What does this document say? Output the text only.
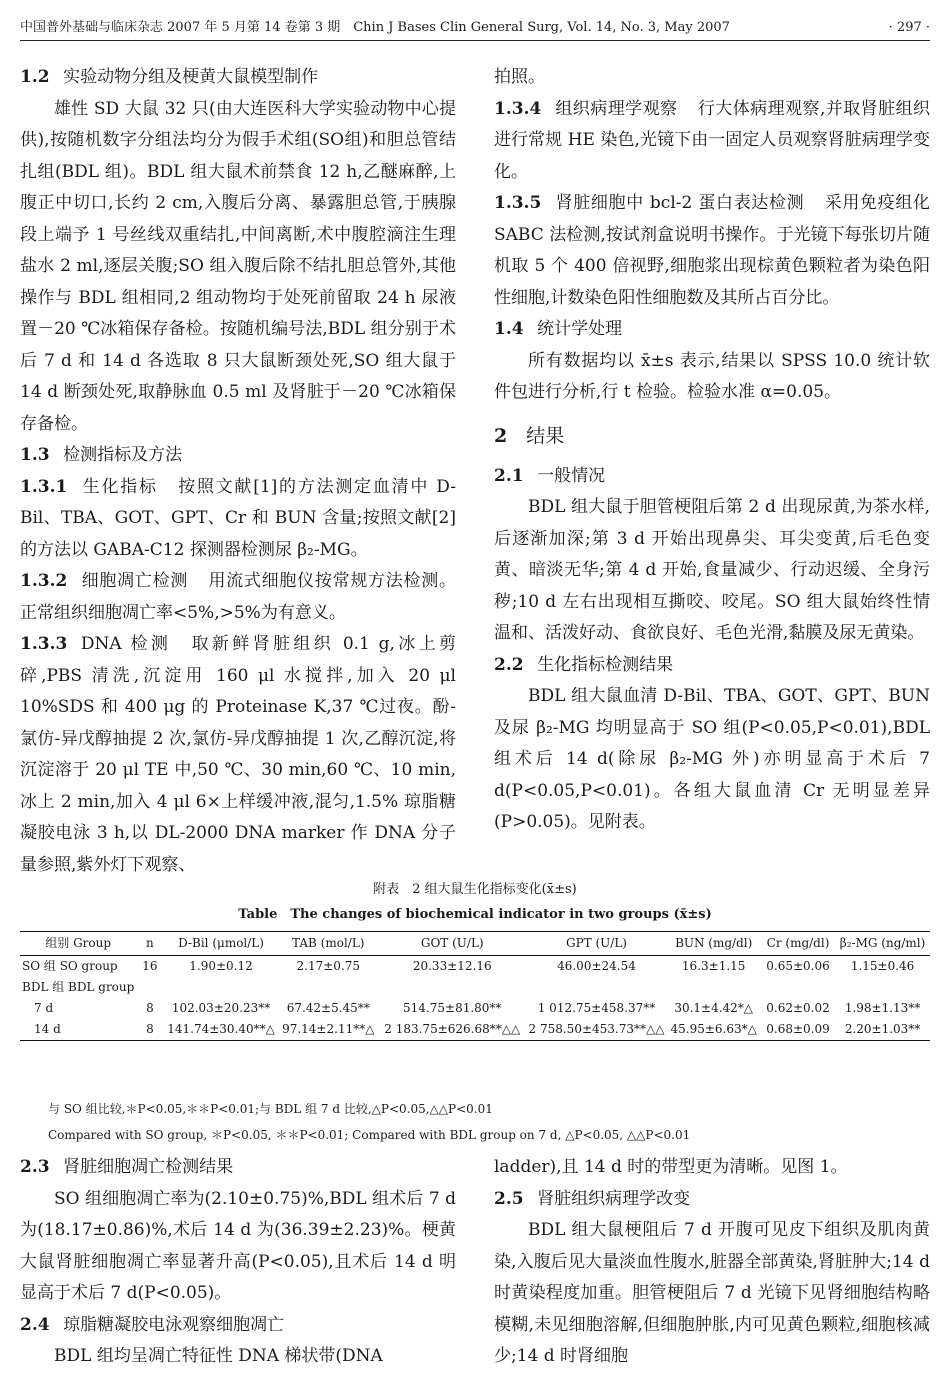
中国普外基础与临床杂志 2007 年 5 月第 14 卷第 3 期　Chin J Bases Clin General Surg, Vol. 14, No. 3, May 2007	· 297 ·

1.2 实验动物分组及梗黄大鼠模型制作

雄性 SD 大鼠 32 只(由大连医科大学实验动物中心提供),按随机数字分组法均分为假手术组(SO组)和胆总管结扎组(BDL 组)。BDL 组大鼠术前禁食 12 h,乙醚麻醉,上腹正中切口,长约 2 cm,入腹后分离、暴露胆总管,于胰腺段上端予 1 号丝线双重结扎,中间离断,术中腹腔滴注生理盐水 2 ml,逐层关腹;SO 组入腹后除不结扎胆总管外,其他操作与 BDL 组相同,2 组动物均于处死前留取 24 h 尿液置－20 ℃冰箱保存备检。按随机编号法,BDL 组分别于术后 7 d 和 14 d 各选取 8 只大鼠断颈处死,SO 组大鼠于 14 d 断颈处死,取静脉血 0.5 ml 及肾脏于－20 ℃冰箱保存备检。

1.3 检测指标及方法

1.3.1 生化指标 按照文献[1]的方法测定血清中 D-Bil、TBA、GOT、GPT、Cr 和 BUN 含量;按照文献[2]的方法以 GABA-C12 探测器检测尿 β₂-MG。

1.3.2 细胞凋亡检测 用流式细胞仪按常规方法检测。正常组织细胞凋亡率<5%,>5%为有意义。

1.3.3 DNA 检测 取新鲜肾脏组织 0.1 g,冰上剪碎,PBS 清洗,沉淀用 160 μl 水搅拌,加入 20 μl 10%SDS 和 400 μg 的 Proteinase K,37 ℃过夜。酚-氯仿-异戊醇抽提 2 次,氯仿-异戊醇抽提 1 次,乙醇沉淀,将沉淀溶于 20 μl TE 中,50 ℃、30 min,60 ℃、10 min,冰上 2 min,加入 4 μl 6×上样缓冲液,混匀,1.5% 琼脂糖凝胶电泳 3 h,以 DL-2000 DNA marker 作 DNA 分子量参照,紫外灯下观察、

拍照。

1.3.4 组织病理学观察 行大体病理观察,并取肾脏组织进行常规 HE 染色,光镜下由一固定人员观察肾脏病理学变化。

1.3.5 肾脏细胞中 bcl-2 蛋白表达检测 采用免疫组化 SABC 法检测,按试剂盒说明书操作。于光镜下每张切片随机取 5 个 400 倍视野,细胞浆出现棕黄色颗粒者为染色阳性细胞,计数染色阳性细胞数及其所占百分比。

1.4 统计学处理

所有数据均以 x̄±s 表示,结果以 SPSS 10.0 统计软件包进行分析,行 t 检验。检验水准 α=0.05。

2 结果

2.1 一般情况

BDL 组大鼠于胆管梗阻后第 2 d 出现尿黄,为茶水样,后逐渐加深;第 3 d 开始出现鼻尖、耳尖变黄,后毛色变黄、暗淡无华;第 4 d 开始,食量减少、行动迟缓、全身污秽;10 d 左右出现相互撕咬、咬尾。SO 组大鼠始终性情温和、活泼好动、食欲良好、毛色光滑,黏膜及尿无黄染。

2.2 生化指标检测结果

BDL 组大鼠血清 D-Bil、TBA、GOT、GPT、BUN 及尿 β₂-MG 均明显高于 SO 组(P<0.05,P<0.01),BDL 组术后 14 d(除尿 β₂-MG 外)亦明显高于术后 7 d(P<0.05,P<0.01)。各组大鼠血清 Cr 无明显差异(P>0.05)。见附表。

附表　2 组大鼠生化指标变化(x̄±s)
Table　The changes of biochemical indicator in two groups (x̄±s)
组别 Group	n	D-Bil (μmol/L)	TAB (mol/L)	GOT (U/L)	GPT (U/L)	BUN (mg/dl)	Cr (mg/dl)	β₂-MG (ng/ml)
SO 组 SO group	16	1.90±0.12	2.17±0.75	20.33±12.16	46.00±24.54	16.3±1.15	0.65±0.06	1.15±0.46
BDL 组 BDL group								
7 d	8	102.03±20.23**	67.42±5.45**	514.75±81.80**	1 012.75±458.37**	30.1±4.42*△	0.62±0.02	1.98±1.13**
14 d	8	141.74±30.40**△	97.14±2.11**△	2 183.75±626.68**△△	2 758.50±453.73**△△	45.95±6.63*△	0.68±0.09	2.20±1.03**
与 SO 组比较,＊P<0.05,＊＊P<0.01;与 BDL 组 7 d 比较,△P<0.05,△△P<0.01
Compared with SO group, ＊P<0.05, ＊＊P<0.01; Compared with BDL group on 7 d, △P<0.05, △△P<0.01

2.3 肾脏细胞凋亡检测结果

SO 组细胞凋亡率为(2.10±0.75)%,BDL 组术后 7 d 为(18.17±0.86)%,术后 14 d 为(36.39±2.23)%。梗黄大鼠肾脏细胞凋亡率显著升高(P<0.05),且术后 14 d 明显高于术后 7 d(P<0.05)。

2.4 琼脂糖凝胶电泳观察细胞凋亡

BDL 组均呈凋亡特征性 DNA 梯状带(DNA

ladder),且 14 d 时的带型更为清晰。见图 1。

2.5 肾脏组织病理学改变

BDL 组大鼠梗阻后 7 d 开腹可见皮下组织及肌肉黄染,入腹后见大量淡血性腹水,脏器全部黄染,肾脏肿大;14 d 时黄染程度加重。胆管梗阻后 7 d 光镜下见肾细胞结构略模糊,未见细胞溶解,但细胞肿胀,内可见黄色颗粒,细胞核减少;14 d 时肾细胞
